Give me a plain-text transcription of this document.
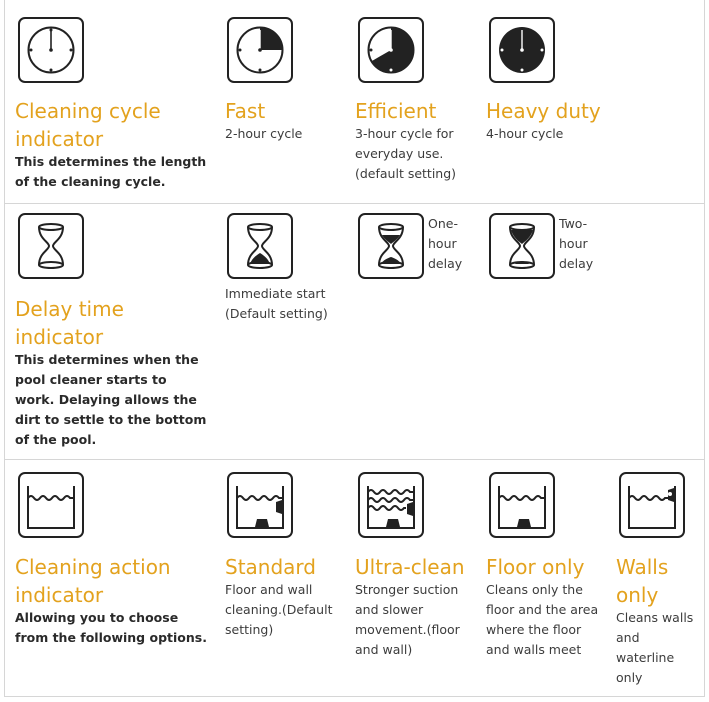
Cleaning cycle indicator
This determines the length of the cleaning cycle.
Fast
2-hour cycle
Efficient
3-hour cycle for everyday use. (default setting)
Heavy duty
4-hour cycle
One-hour delay
Two-hour delay
Immediate start (Default setting)
Delay time indicator
This determines when the pool cleaner starts to work. Delaying allows the dirt to settle to the bottom of the pool.
Cleaning action indicator
Allowing you to choose from the following options.
Standard
Floor and wall cleaning.(Default setting)
Ultra-clean
Stronger suction and slower movement.(floor and wall)
Floor only
Cleans only the floor and the area where the floor and walls meet
Walls only
Cleans walls and waterline only
